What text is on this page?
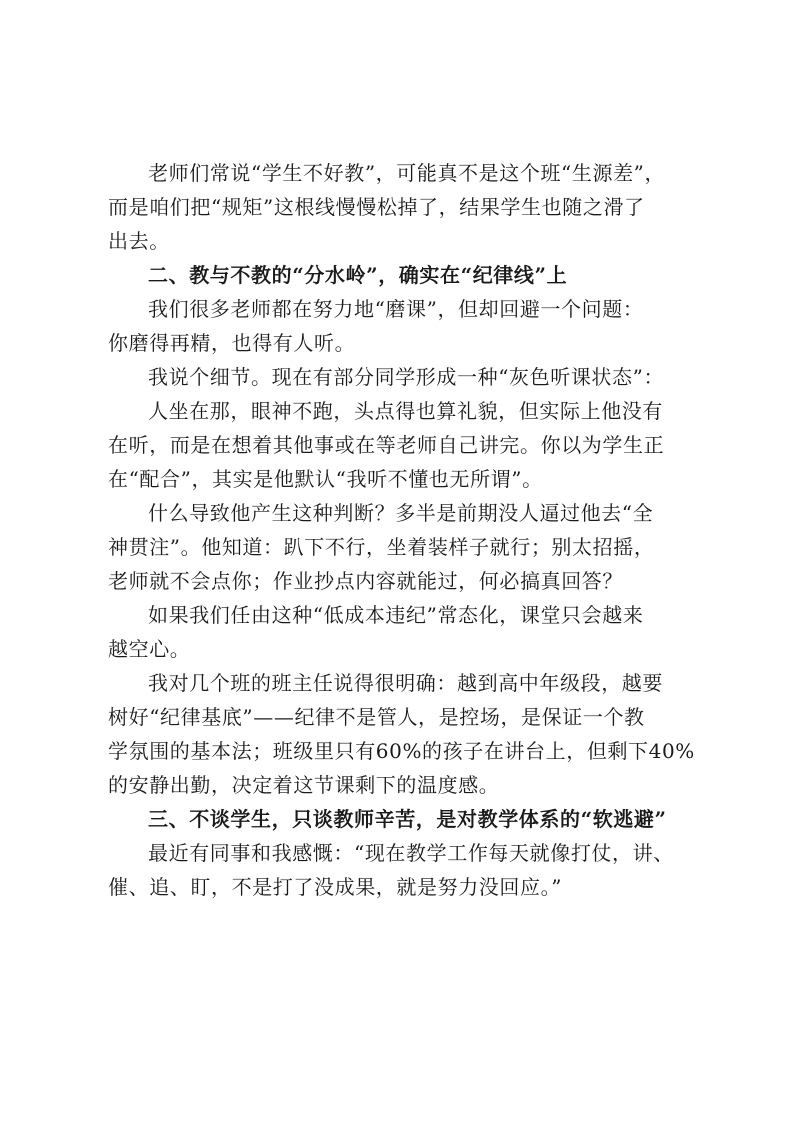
老师们常说“学生不好教”，可能真不是这个班“生源差”，
而是咱们把“规矩”这根线慢慢松掉了，结果学生也随之滑了
出去。
二、教与不教的“分水岭”，确实在“纪律线”上
我们很多老师都在努力地“磨课”，但却回避一个问题：
你磨得再精，也得有人听。
我说个细节。现在有部分同学形成一种“灰色听课状态”：
人坐在那，眼神不跑，头点得也算礼貌，但实际上他没有
在听，而是在想着其他事或在等老师自己讲完。你以为学生正
在“配合”，其实是他默认“我听不懂也无所谓”。
什么导致他产生这种判断？多半是前期没人逼过他去“全
神贯注”。他知道：趴下不行，坐着装样子就行；别太招摇，
老师就不会点你；作业抄点内容就能过，何必搞真回答？
如果我们任由这种“低成本违纪”常态化，课堂只会越来
越空心。
我对几个班的班主任说得很明确：越到高中年级段，越要
树好“纪律基底”——纪律不是管人，是控场，是保证一个教
学氛围的基本法；班级里只有60%的孩子在讲台上，但剩下40%
的安静出勤，决定着这节课剩下的温度感。
三、不谈学生，只谈教师辛苦，是对教学体系的“软逃避”
最近有同事和我感慨：“现在教学工作每天就像打仗，讲、
催、追、盯，不是打了没成果，就是努力没回应。”
